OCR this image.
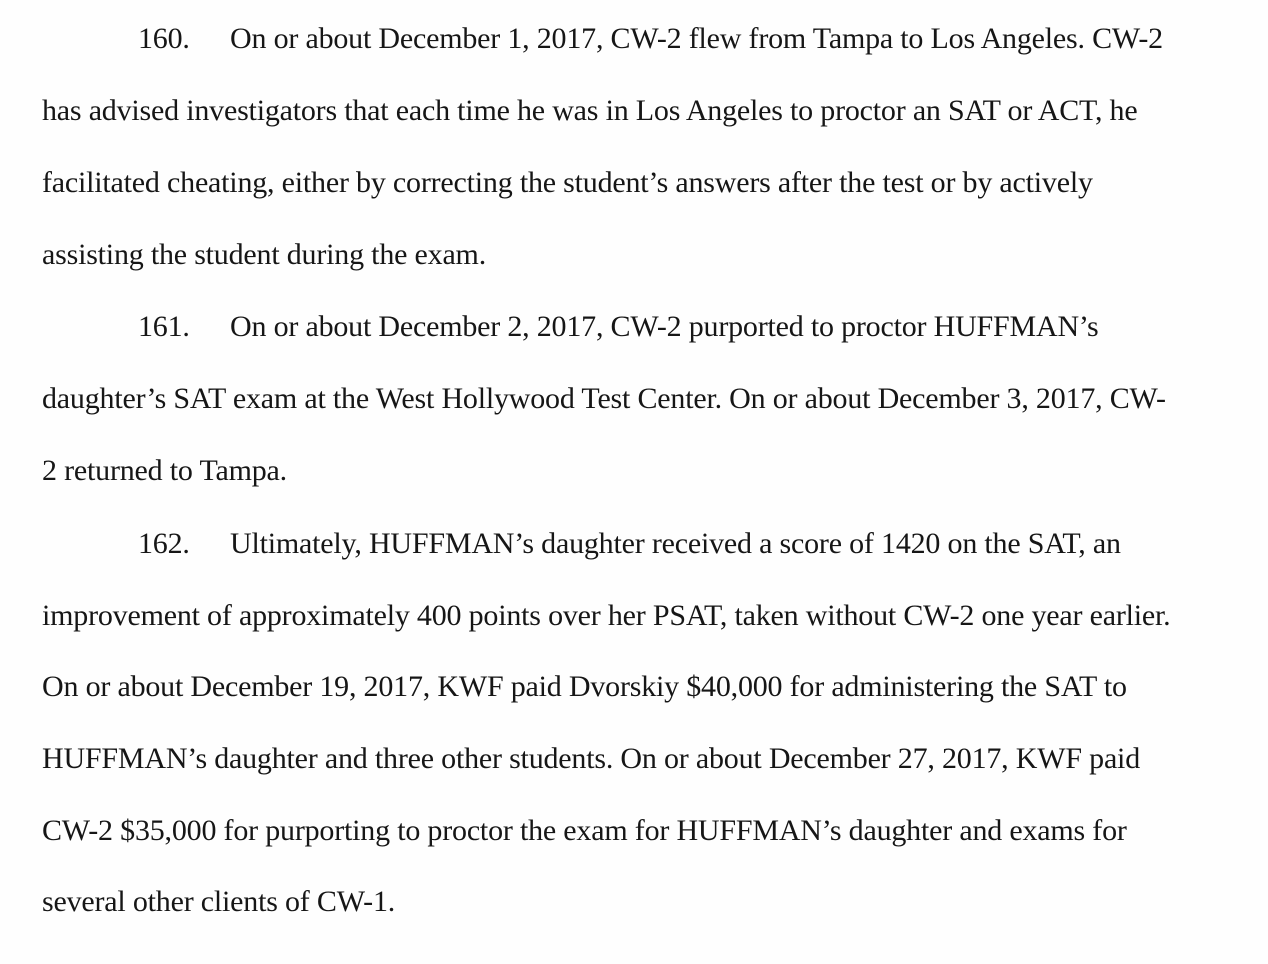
160. On or about December 1, 2017, CW-2 flew from Tampa to Los Angeles. CW-2
has advised investigators that each time he was in Los Angeles to proctor an SAT or ACT, he
facilitated cheating, either by correcting the student’s answers after the test or by actively
assisting the student during the exam.
161. On or about December 2, 2017, CW-2 purported to proctor HUFFMAN’s
daughter’s SAT exam at the West Hollywood Test Center. On or about December 3, 2017, CW-
2 returned to Tampa.
162. Ultimately, HUFFMAN’s daughter received a score of 1420 on the SAT, an
improvement of approximately 400 points over her PSAT, taken without CW-2 one year earlier.
On or about December 19, 2017, KWF paid Dvorskiy $40,000 for administering the SAT to
HUFFMAN’s daughter and three other students. On or about December 27, 2017, KWF paid
CW-2 $35,000 for purporting to proctor the exam for HUFFMAN’s daughter and exams for
several other clients of CW-1.
